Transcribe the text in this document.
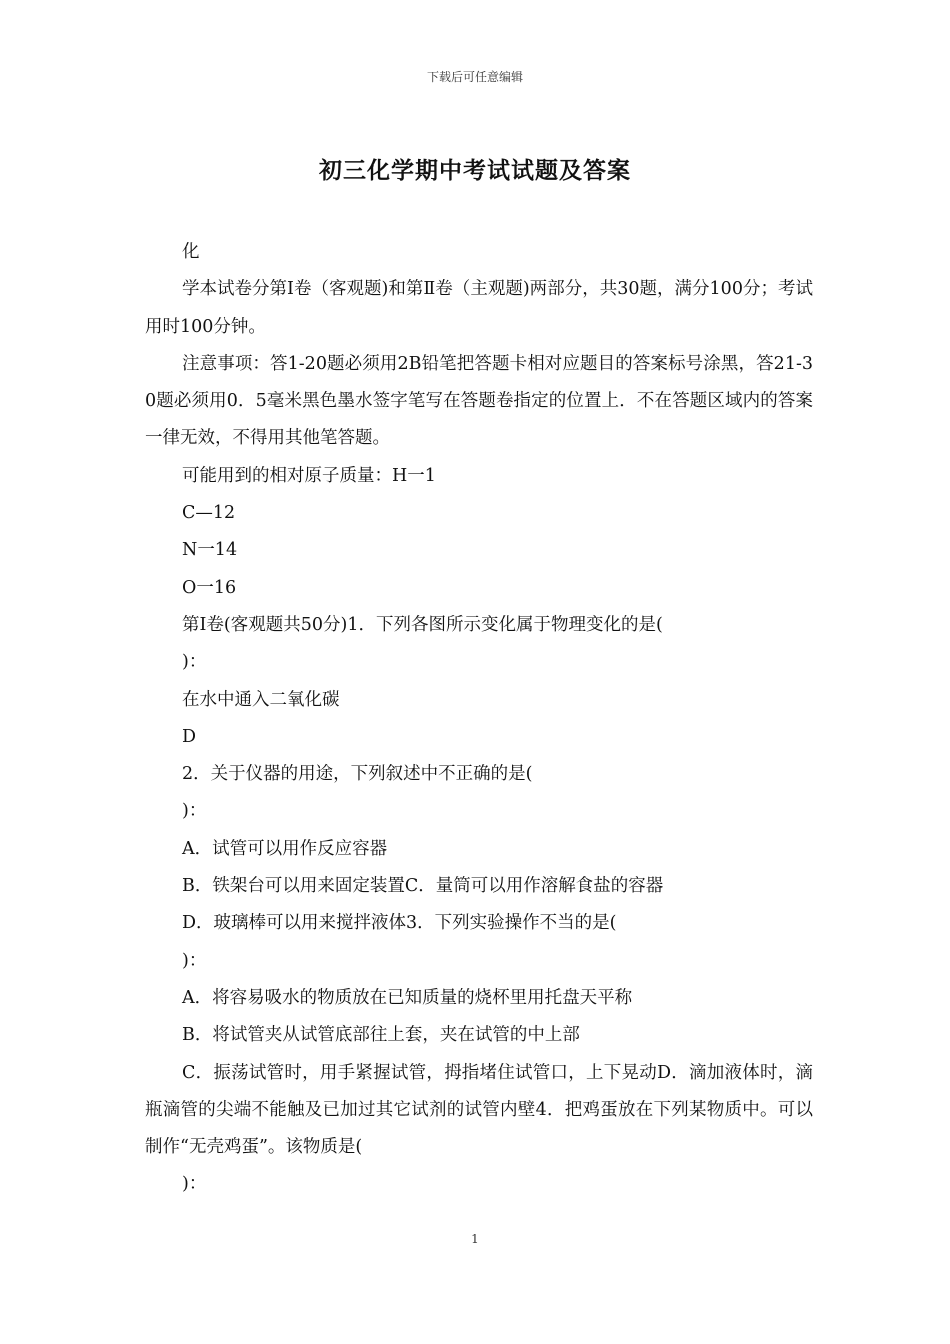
下载后可任意编辑
初三化学期中考试试题及答案

化

学本试卷分第Ⅰ卷（客观题)和第Ⅱ卷（主观题)两部分，共30题，满分100分；考试用时100分钟。

注意事项：答1-20题必须用2B铅笔把答题卡相对应题目的答案标号涂黑，答21-30题必须用0．5毫米黑色墨水签字笔写在答题卷指定的位置上．不在答题区域内的答案一律无效，不得用其他笔答题。

可能用到的相对原子质量：H一1

C—12

N一14

O一16

第Ⅰ卷(客观题共50分)1．下列各图所示变化属于物理变化的是(

)：

在水中通入二氧化碳

D

2．关于仪器的用途，下列叙述中不正确的是(

)：

A．试管可以用作反应容器

B．铁架台可以用来固定装置C．量筒可以用作溶解食盐的容器

D．玻璃棒可以用来搅拌液体3．下列实验操作不当的是(

)：

A．将容易吸水的物质放在已知质量的烧杯里用托盘天平称

B．将试管夹从试管底部往上套，夹在试管的中上部

C．振荡试管时，用手紧握试管，拇指堵住试管口，上下晃动D．滴加液体时，滴瓶滴管的尖端不能触及已加过其它试剂的试管内壁4．把鸡蛋放在下列某物质中。可以制作“无壳鸡蛋”。该物质是(

)：

1
